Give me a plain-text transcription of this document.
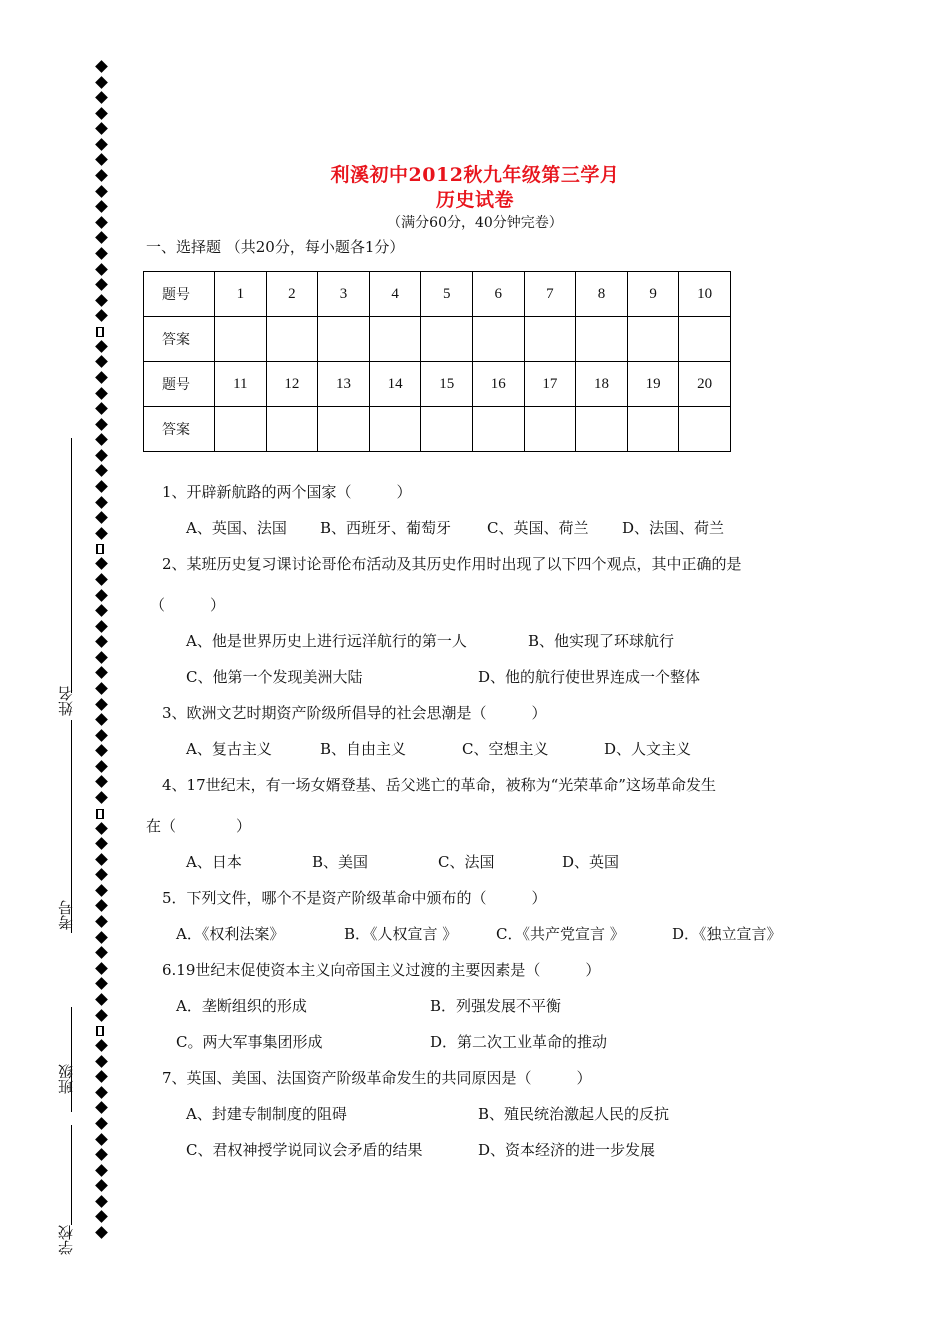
姓名
考号
班级
学校
利溪初中2012秋九年级第三学月
历史试卷
（满分60分，40分钟完卷）
一、选择题 （共20分，每小题各1分）
题号	1	2	3	4	5	6	7	8	9	10
答案										
题号	11	12	13	14	15	16	17	18	19	20
答案										
1、开辟新航路的两个国家（　　　）
A、英国、法国 B、西班牙、葡萄牙 C、英国、荷兰 D、法国、荷兰
2、某班历史复习课讨论哥伦布活动及其历史作用时出现了以下四个观点，其中正确的是
（　　　）
A、他是世界历史上进行远洋航行的第一人	B、他实现了环球航行
C、他第一个发现美洲大陆	D、他的航行使世界连成一个整体
3、欧洲文艺时期资产阶级所倡导的社会思潮是（　　　）
A、复古主义	B、自由主义	C、空想主义	D、人文主义
4、17世纪末，有一场女婿登基、岳父逃亡的革命，被称为“光荣革命”这场革命发生
在（　　　　）
A、日本	B、美国	C、法国	D、英国
5．下列文件，哪个不是资产阶级革命中颁布的（　　　）
A．《权利法案》	B．《人权宣言 》	C．《共产党宣言 》	D．《独立宣言》
6.19世纪末促使资本主义向帝国主义过渡的主要因素是（　　　）
A．垄断组织的形成	B．列强发展不平衡
C。两大军事集团形成	D．第二次工业革命的推动
7、英国、美国、法国资产阶级革命发生的共同原因是（　　　）
A、封建专制制度的阻碍	B、殖民统治激起人民的反抗
C、君权神授学说同议会矛盾的结果	D、资本经济的进一步发展
